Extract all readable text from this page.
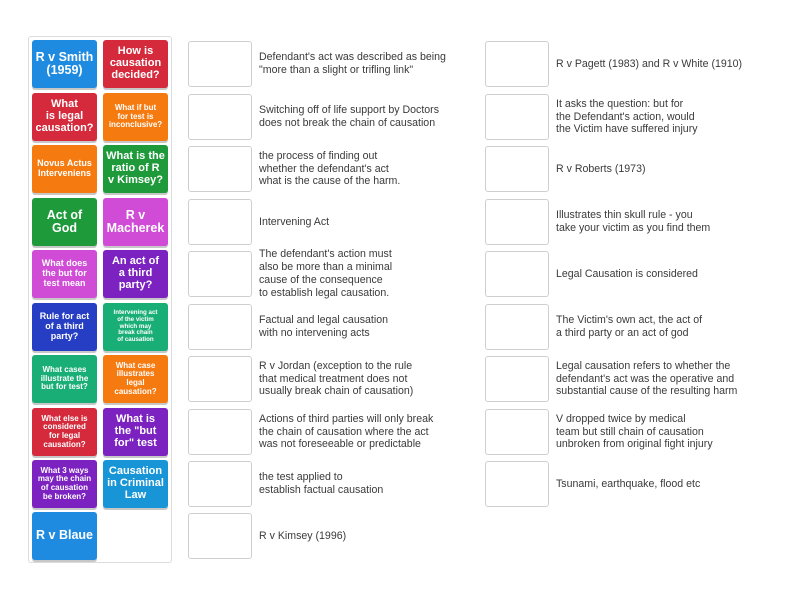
R v Smith
(1959)
How is
causation
decided?
What
is legal
causation?
What if but
for test is
inconclusive?
Novus Actus
Interveniens
What is the
ratio of R
v Kimsey?
Act of
God
R v
Macherek
What does
the but for
test mean
An act of
a third
party?
Rule for act
of a third
party?
Intervening act
of the victim
which may
break chain
of causation
What cases
illustrate the
but for test?
What case
illustrates
legal
causation?
What else is
considered
for legal
causation?
What is
the "but
for" test
What 3 ways
may the chain
of causation
be broken?
Causation
in Criminal
Law
R v Blaue
Defendant's act was described as being
"more than a slight or trifling link"
Switching off of life support by Doctors
does not break the chain of causation
the process of finding out
whether the defendant's act
what is the cause of the harm.
Intervening Act
The defendant's action must
also be more than a minimal
cause of the consequence
to establish legal causation.
Factual and legal causation
with no intervening acts
R v Jordan (exception to the rule
that medical treatment does not
usually break chain of causation)
Actions of third parties will only break
the chain of causation where the act
was not foreseeable or predictable
the test applied to
establish factual causation
R v Kimsey (1996)
R v Pagett (1983) and R v White (1910)
It asks the question: but for
the Defendant's action, would
the Victim have suffered injury
R v Roberts (1973)
Illustrates thin skull rule - you
take your victim as you find them
Legal Causation is considered
The Victim's own act, the act of
a third party or an act of god
Legal causation refers to whether the
defendant's act was the operative and
substantial cause of the resulting harm
V dropped twice by medical
team but still chain of causation
unbroken from original fight injury
Tsunami, earthquake, flood etc
